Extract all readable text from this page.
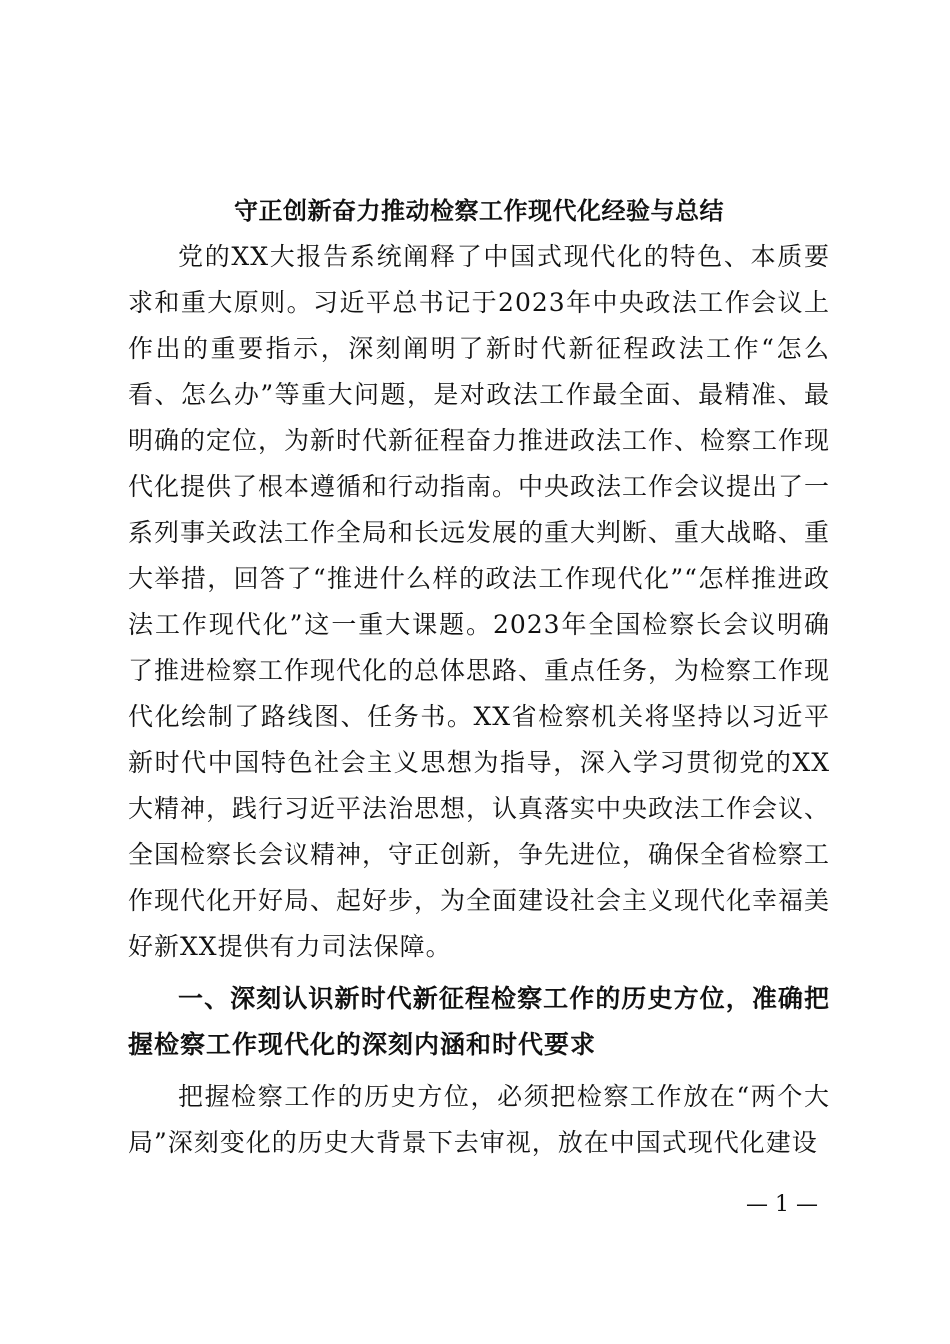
守正创新奋力推动检察工作现代化经验与总结

党的XX大报告系统阐释了中国式现代化的特色、本质要求和重大原则。习近平总书记于2023年中央政法工作会议上作出的重要指示，深刻阐明了新时代新征程政法工作“怎么看、怎么办”等重大问题，是对政法工作最全面、最精准、最明确的定位，为新时代新征程奋力推进政法工作、检察工作现代化提供了根本遵循和行动指南。中央政法工作会议提出了一系列事关政法工作全局和长远发展的重大判断、重大战略、重大举措，回答了“推进什么样的政法工作现代化”“怎样推进政法工作现代化”这一重大课题。2023年全国检察长会议明确了推进检察工作现代化的总体思路、重点任务，为检察工作现代化绘制了路线图、任务书。XX省检察机关将坚持以习近平新时代中国特色社会主义思想为指导，深入学习贯彻党的XX大精神，践行习近平法治思想，认真落实中央政法工作会议、全国检察长会议精神，守正创新，争先进位，确保全省检察工作现代化开好局、起好步，为全面建设社会主义现代化幸福美好新XX提供有力司法保障。

一、深刻认识新时代新征程检察工作的历史方位，准确把握检察工作现代化的深刻内涵和时代要求

把握检察工作的历史方位，必须把检察工作放在“两个大局”深刻变化的历史大背景下去审视，放在中国式现代化建设

— 1 —
